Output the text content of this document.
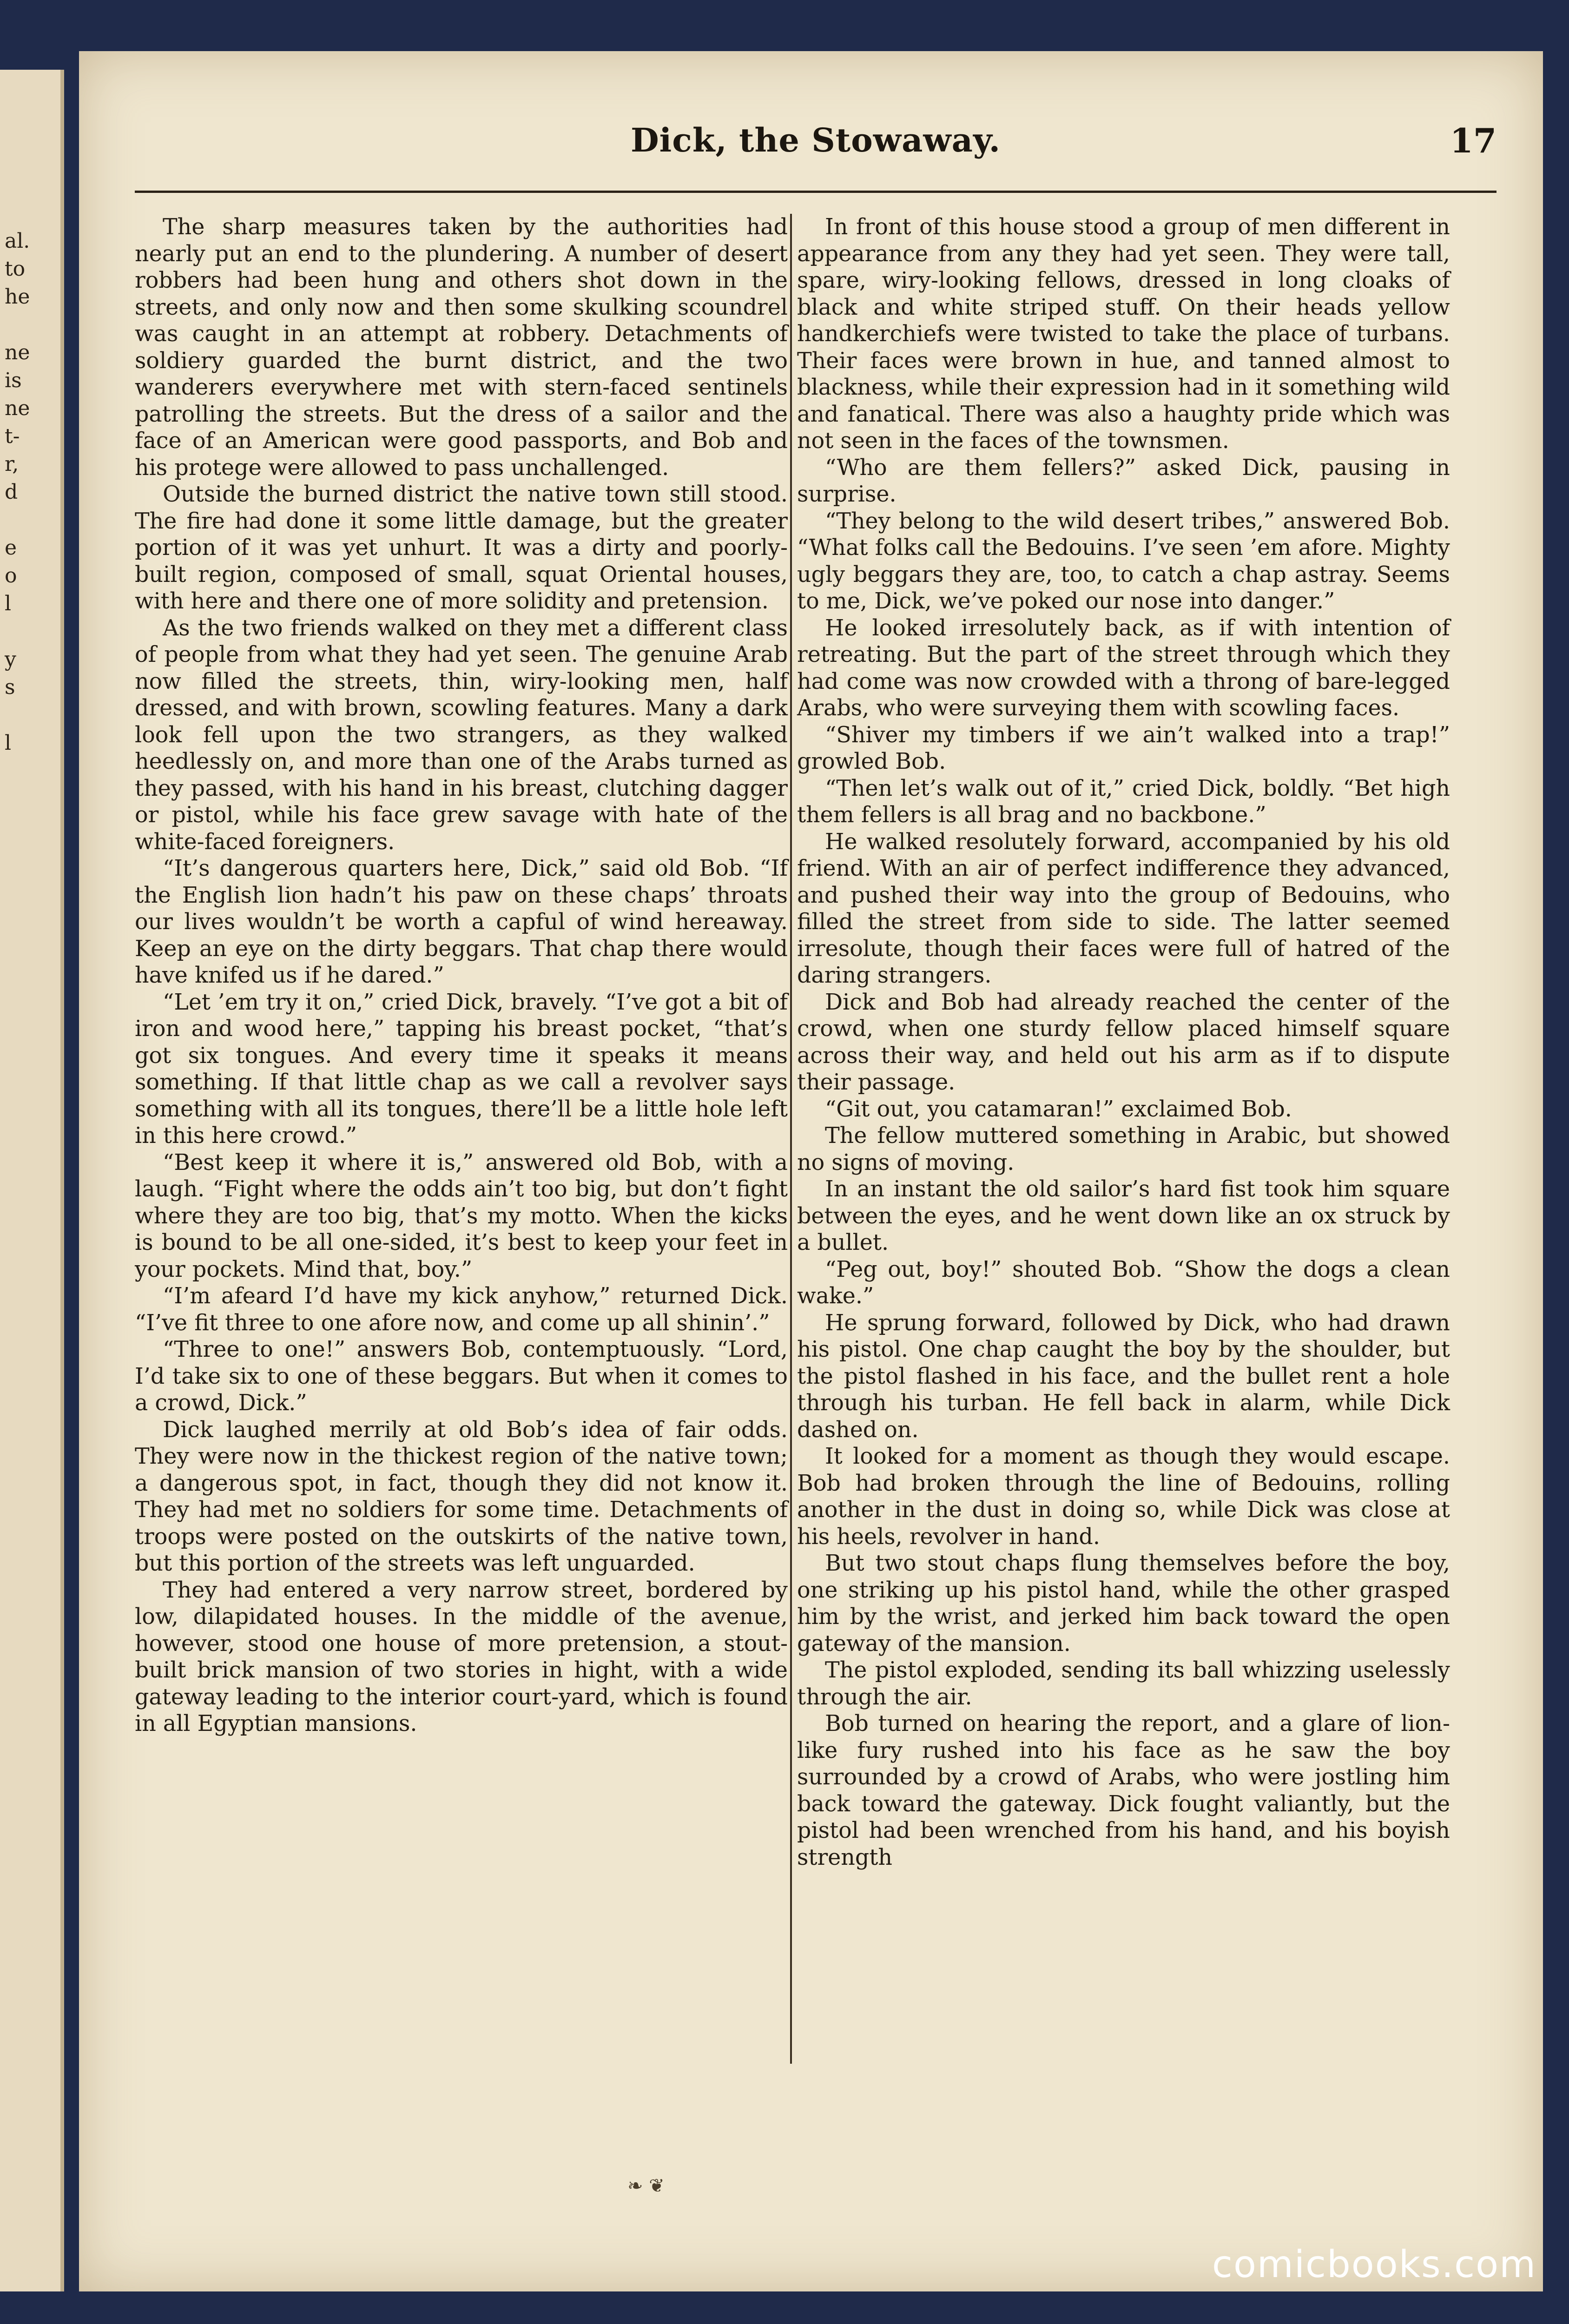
al.
to
he
ne
is
ne
t-
r,
d
e
o
l
y
s
l
Dick, the Stowaway.	17

The sharp measures taken by the authorities had nearly put an end to the plundering. A number of desert robbers had been hung and others shot down in the streets, and only now and then some skulking scoundrel was caught in an attempt at robbery. Detachments of soldiery guarded the burnt district, and the two wanderers everywhere met with stern-faced sentinels patrolling the streets. But the dress of a sailor and the face of an American were good passports, and Bob and his protege were allowed to pass unchallenged.

Outside the burned district the native town still stood. The fire had done it some little damage, but the greater portion of it was yet unhurt. It was a dirty and poorly-built region, composed of small, squat Oriental houses, with here and there one of more solidity and pretension.

As the two friends walked on they met a different class of people from what they had yet seen. The genuine Arab now filled the streets, thin, wiry-looking men, half dressed, and with brown, scowling features. Many a dark look fell upon the two strangers, as they walked heedlessly on, and more than one of the Arabs turned as they passed, with his hand in his breast, clutching dagger or pistol, while his face grew savage with hate of the white-faced foreigners.

“It’s dangerous quarters here, Dick,” said old Bob. “If the English lion hadn’t his paw on these chaps’ throats our lives wouldn’t be worth a capful of wind hereaway. Keep an eye on the dirty beggars. That chap there would have knifed us if he dared.”

“Let ’em try it on,” cried Dick, bravely. “I’ve got a bit of iron and wood here,” tapping his breast pocket, “that’s got six tongues. And every time it speaks it means something. If that little chap as we call a revolver says something with all its tongues, there’ll be a little hole left in this here crowd.”

“Best keep it where it is,” answered old Bob, with a laugh. “Fight where the odds ain’t too big, but don’t fight where they are too big, that’s my motto. When the kicks is bound to be all one-sided, it’s best to keep your feet in your pockets. Mind that, boy.”

“I’m afeard I’d have my kick anyhow,” returned Dick. “I’ve fit three to one afore now, and come up all shinin’.”

“Three to one!” answers Bob, contemptuously. “Lord, I’d take six to one of these beggars. But when it comes to a crowd, Dick.”

Dick laughed merrily at old Bob’s idea of fair odds. They were now in the thickest region of the native town; a dangerous spot, in fact, though they did not know it. They had met no soldiers for some time. Detachments of troops were posted on the outskirts of the native town, but this portion of the streets was left unguarded.

They had entered a very narrow street, bordered by low, dilapidated houses. In the middle of the avenue, however, stood one house of more pretension, a stout-built brick mansion of two stories in hight, with a wide gateway leading to the interior court-yard, which is found in all Egyptian mansions.

In front of this house stood a group of men different in appearance from any they had yet seen. They were tall, spare, wiry-looking fellows, dressed in long cloaks of black and white striped stuff. On their heads yellow handkerchiefs were twisted to take the place of turbans. Their faces were brown in hue, and tanned almost to blackness, while their expression had in it something wild and fanatical. There was also a haughty pride which was not seen in the faces of the townsmen.

“Who are them fellers?” asked Dick, pausing in surprise.

“They belong to the wild desert tribes,” answered Bob. “What folks call the Bedouins. I’ve seen ’em afore. Mighty ugly beggars they are, too, to catch a chap astray. Seems to me, Dick, we’ve poked our nose into danger.”

He looked irresolutely back, as if with intention of retreating. But the part of the street through which they had come was now crowded with a throng of bare-legged Arabs, who were surveying them with scowling faces.

“Shiver my timbers if we ain’t walked into a trap!” growled Bob.

“Then let’s walk out of it,” cried Dick, boldly. “Bet high them fellers is all brag and no backbone.”

He walked resolutely forward, accompanied by his old friend. With an air of perfect indifference they advanced, and pushed their way into the group of Bedouins, who filled the street from side to side. The latter seemed irresolute, though their faces were full of hatred of the daring strangers.

Dick and Bob had already reached the center of the crowd, when one sturdy fellow placed himself square across their way, and held out his arm as if to dispute their passage.

“Git out, you catamaran!” exclaimed Bob.

The fellow muttered something in Arabic, but showed no signs of moving.

In an instant the old sailor’s hard fist took him square between the eyes, and he went down like an ox struck by a bullet.

“Peg out, boy!” shouted Bob. “Show the dogs a clean wake.”

He sprung forward, followed by Dick, who had drawn his pistol. One chap caught the boy by the shoulder, but the pistol flashed in his face, and the bullet rent a hole through his turban. He fell back in alarm, while Dick dashed on.

It looked for a moment as though they would escape. Bob had broken through the line of Bedouins, rolling another in the dust in doing so, while Dick was close at his heels, revolver in hand.

But two stout chaps flung themselves before the boy, one striking up his pistol hand, while the other grasped him by the wrist, and jerked him back toward the open gateway of the mansion.

The pistol exploded, sending its ball whizzing uselessly through the air.

Bob turned on hearing the report, and a glare of lion-like fury rushed into his face as he saw the boy surrounded by a crowd of Arabs, who were jostling him back toward the gateway. Dick fought valiantly, but the pistol had been wrenched from his hand, and his boyish strength

❧ ❦
comicbooks.com
